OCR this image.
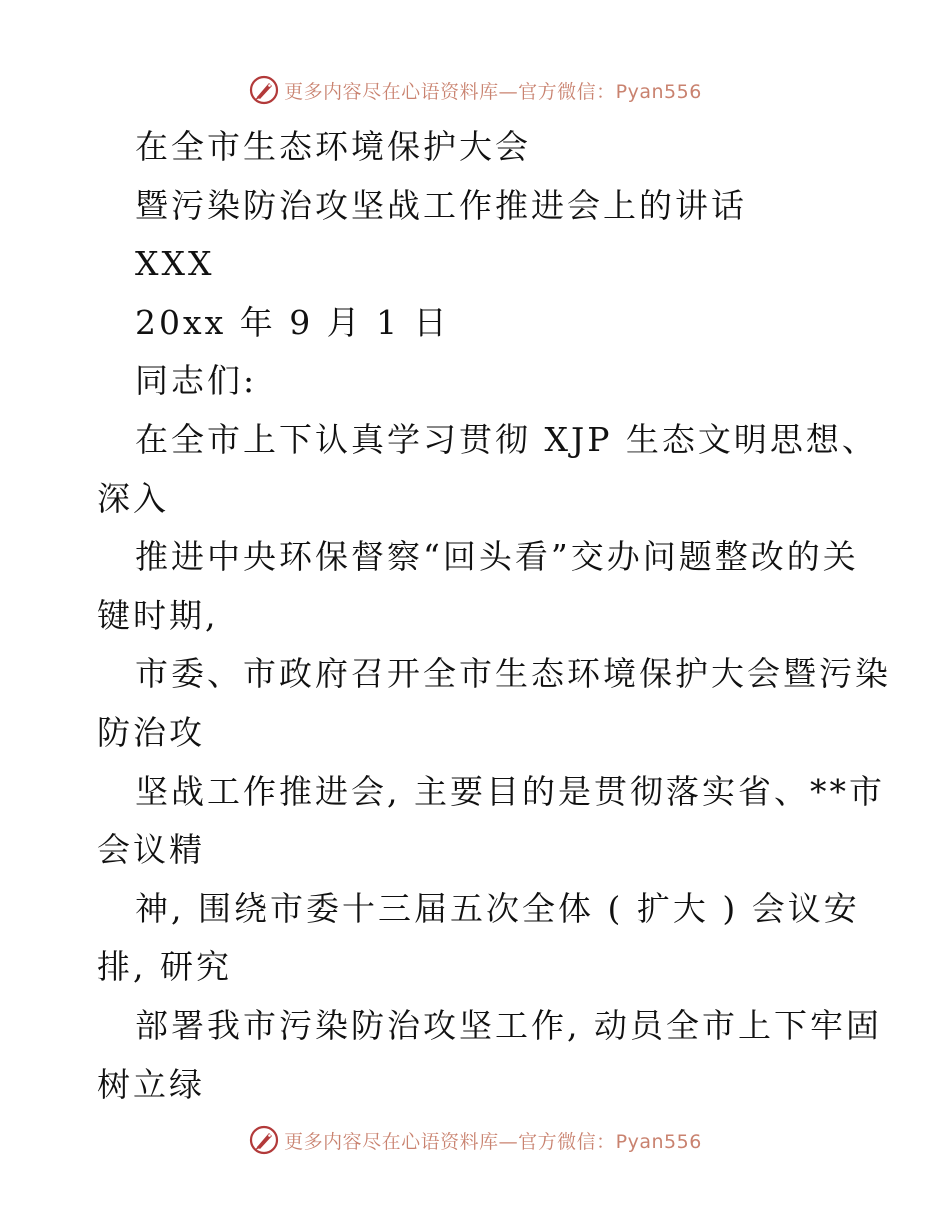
更多内容尽在心语资料库—官方微信：Pyan556
在全市生态环境保护大会
暨污染防治攻坚战工作推进会上的讲话
XXX
20xx 年 9 月 1 日
同志们:
在全市上下认真学习贯彻 XJP 生态文明思想、
深入
推进中央环保督察“回头看”交办问题整改的关
键时期,
市委、市政府召开全市生态环境保护大会暨污染
防治攻
坚战工作推进会, 主要目的是贯彻落实省、**市
会议精
神, 围绕市委十三届五次全体 ( 扩大 ) 会议安
排, 研究
部署我市污染防治攻坚工作, 动员全市上下牢固
树立绿
更多内容尽在心语资料库—官方微信：Pyan556
